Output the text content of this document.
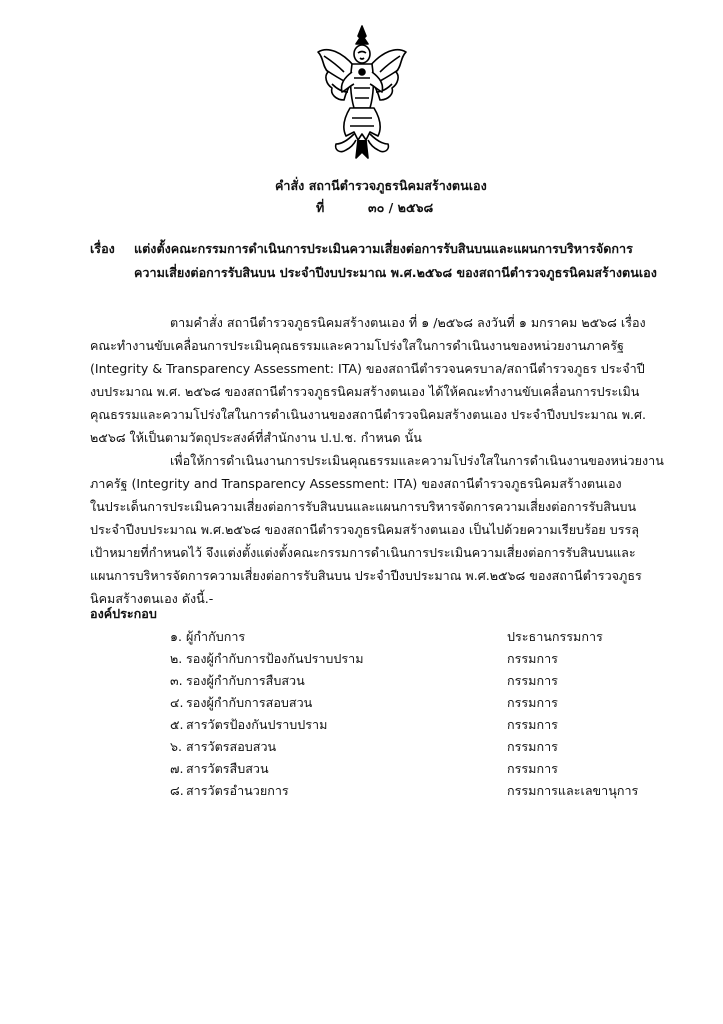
คำสั่ง สถานีตำรวจภูธรนิคมสร้างตนเอง
ที่	๓๐ / ๒๕๖๘
เรื่อง แต่งตั้งคณะกรรมการดำเนินการประเมินความเสี่ยงต่อการรับสินบนและแผนการบริหารจัดการ
ความเสี่ยงต่อการรับสินบน ประจำปีงบประมาณ พ.ศ.๒๕๖๘ ของสถานีตำรวจภูธรนิคมสร้างตนเอง
ตามคำสั่ง สถานีตำรวจภูธรนิคมสร้างตนเอง ที่ ๑ /๒๕๖๘ ลงวันที่ ๑ มกราคม ๒๕๖๘ เรื่อง
คณะทำงานขับเคลื่อนการประเมินคุณธรรมและความโปร่งใสในการดำเนินงานของหน่วยงานภาครัฐ
(Integrity & Transparency Assessment: ITA) ของสถานีตำรวจนครบาล/สถานีตำรวจภูธร ประจำปี
งบประมาณ พ.ศ. ๒๕๖๘ ของสถานีตำรวจภูธรนิคมสร้างตนเอง ได้ให้คณะทำงานขับเคลื่อนการประเมิน
คุณธรรมและความโปร่งใสในการดำเนินงานของสถานีตำรวจนิคมสร้างตนเอง ประจำปีงบประมาณ พ.ศ.
๒๕๖๘ ให้เป็นตามวัตถุประสงค์ที่สำนักงาน ป.ป.ช. กำหนด นั้น
เพื่อให้การดำเนินงานการประเมินคุณธรรมและความโปร่งใสในการดำเนินงานของหน่วยงาน
ภาครัฐ (Integrity and Transparency Assessment: ITA) ของสถานีตำรวจภูธรนิคมสร้างตนเอง
ในประเด็นการประเมินความเสี่ยงต่อการรับสินบนและแผนการบริหารจัดการความเสี่ยงต่อการรับสินบน
ประจำปีงบประมาณ พ.ศ.๒๕๖๘ ของสถานีตำรวจภูธรนิคมสร้างตนเอง เป็นไปด้วยความเรียบร้อย บรรลุ
เป้าหมายที่กำหนดไว้ จึงแต่งตั้งแต่งตั้งคณะกรรมการดำเนินการประเมินความเสี่ยงต่อการรับสินบนและ
แผนการบริหารจัดการความเสี่ยงต่อการรับสินบน ประจำปีงบประมาณ พ.ศ.๒๕๖๘ ของสถานีตำรวจภูธร
นิคมสร้างตนเอง ดังนี้.-
องค์ประกอบ
๑. ผู้กำกับการ	ประธานกรรมการ
๒. รองผู้กำกับการป้องกันปราบปราม	กรรมการ
๓. รองผู้กำกับการสืบสวน	กรรมการ
๔. รองผู้กำกับการสอบสวน	กรรมการ
๕. สารวัตรป้องกันปราบปราม	กรรมการ
๖. สารวัตรสอบสวน	กรรมการ
๗. สารวัตรสืบสวน	กรรมการ
๘. สารวัตรอำนวยการ	กรรมการและเลขานุการ
